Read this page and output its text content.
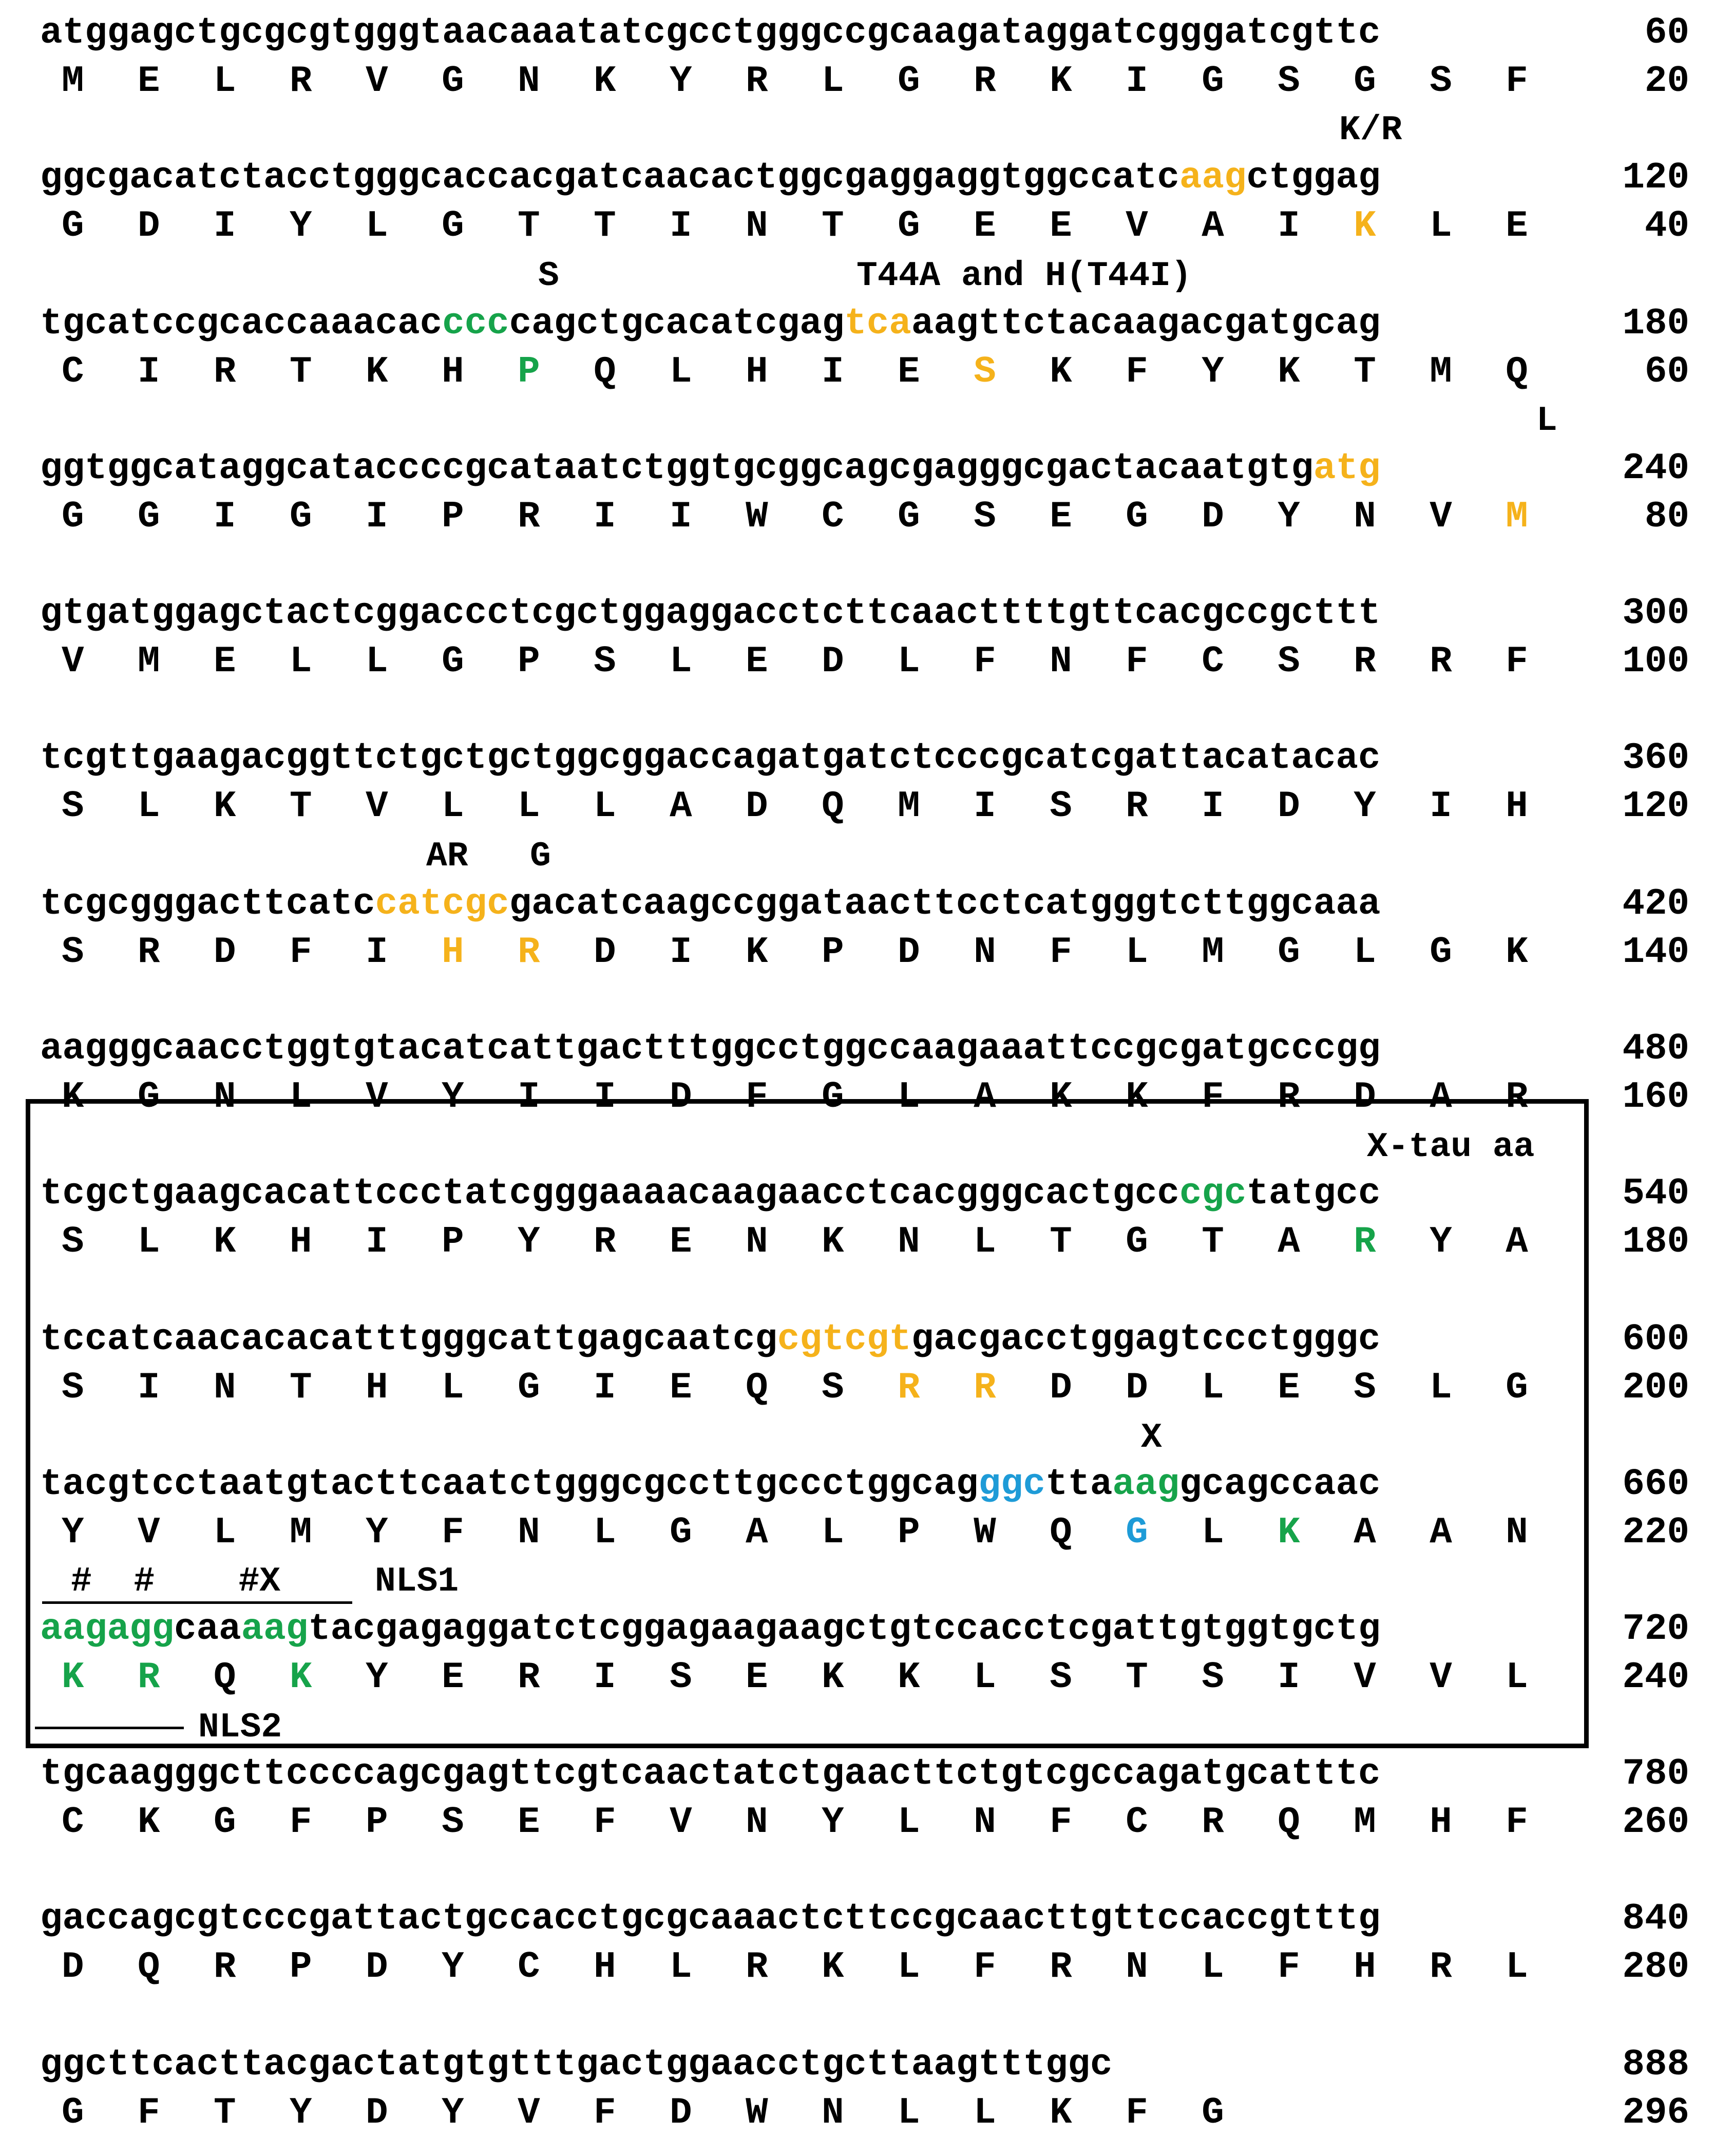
atggagctgcgcgtgggtaacaaatatcgcctgggccgcaagataggatcgggatcgttc	60
MELRVGNKYRLGRKIGSGSF	20
ggcgacatctacctgggcaccacgatcaacactggcgaggaggtggccatcaagctggag	120
GDIYLGTTINTGEEVAIKLE	40
tgcatccgcaccaaacacccccagctgcacatcgagtcaaagttctacaagacgatgcag	180
CIRTKHPQLHIESKFYKTMQ	60
ggtggcataggcataccccgcataatctggtgcggcagcgagggcgactacaatgtgatg	240
GGIGIPRIIWCGSEGDYNVM	80
gtgatggagctactcggaccctcgctggaggacctcttcaacttttgttcacgccgcttt	300
VMELLGPSLEDLFNFCSRRF	100
tcgttgaagacggttctgctgctggcggaccagatgatctcccgcatcgattacatacac	360
SLKTVLLLADQMISRIDYIH	120
tcgcgggacttcatccatcgcgacatcaagccggataacttcctcatgggtcttggcaaa	420
SRDFIHRDIKPDNFLMGLGK	140
aagggcaacctggtgtacatcattgactttggcctggccaagaaattccgcgatgcccgg	480
KGNLVYIIDFGLAKKFRDAR	160
tcgctgaagcacattccctatcgggaaaacaagaacctcacgggcactgcccgctatgcc	540
SLKHIPYRENKNLTGTARYA	180
tccatcaacacacatttgggcattgagcaatcgcgtcgtgacgacctggagtccctgggc	600
SINTHLGIEQSRRDDLESLG	200
tacgtcctaatgtacttcaatctgggcgccttgccctggcagggcttaaaggcagccaac	660
YVLMYFNLGALPWQGLKAAN	220
aagaggcaaaagtacgagaggatctcggagaagaagctgtccacctcgattgtggtgctg	720
KRQKYERISEKKLSTSIVVL	240
tgcaagggcttccccagcgagttcgtcaactatctgaacttctgtcgccagatgcatttc	780
CKGFPSEFVNYLNFCRQMHF	260
gaccagcgtcccgattactgccacctgcgcaaactcttccgcaacttgttccaccgtttg	840
DQRPDYCHLRKLFRNLFHRL	280
ggcttcacttacgactatgtgtttgactggaacctgcttaagtttggc	888
GFTYDYVFDWNLLKFG	296
K/R
S	T44A and H(T44I)
L
AR G
X-tau aa
X
#  #    #X	NLS1
NLS2
